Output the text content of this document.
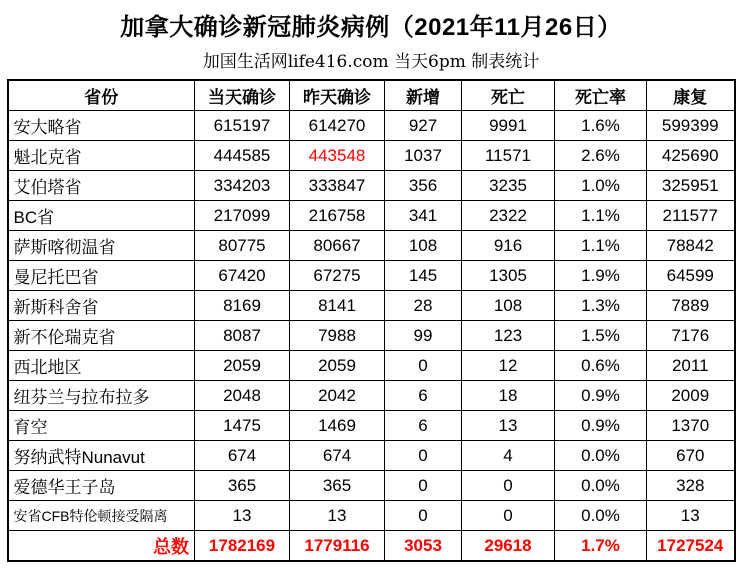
加拿大确诊新冠肺炎病例（2021年11月26日）
加国生活网life416.com 当天6pm 制表统计
省份	当天确诊	昨天确诊	新增	死亡	死亡率	康复
安大略省	615197	614270	927	9991	1.6%	599399
魁北克省	444585	443548	1037	11571	2.6%	425690
艾伯塔省	334203	333847	356	3235	1.0%	325951
BC省	217099	216758	341	2322	1.1%	211577
萨斯喀彻温省	80775	80667	108	916	1.1%	78842
曼尼托巴省	67420	67275	145	1305	1.9%	64599
新斯科舍省	8169	8141	28	108	1.3%	7889
新不伦瑞克省	8087	7988	99	123	1.5%	7176
西北地区	2059	2059	0	12	0.6%	2011
纽芬兰与拉布拉多	2048	2042	6	18	0.9%	2009
育空	1475	1469	6	13	0.9%	1370
努纳武特Nunavut	674	674	0	4	0.0%	670
爱德华王子岛	365	365	0	0	0.0%	328
安省CFB特伦顿接受隔离	13	13	0	0	0.0%	13
总数	1782169	1779116	3053	29618	1.7%	1727524
